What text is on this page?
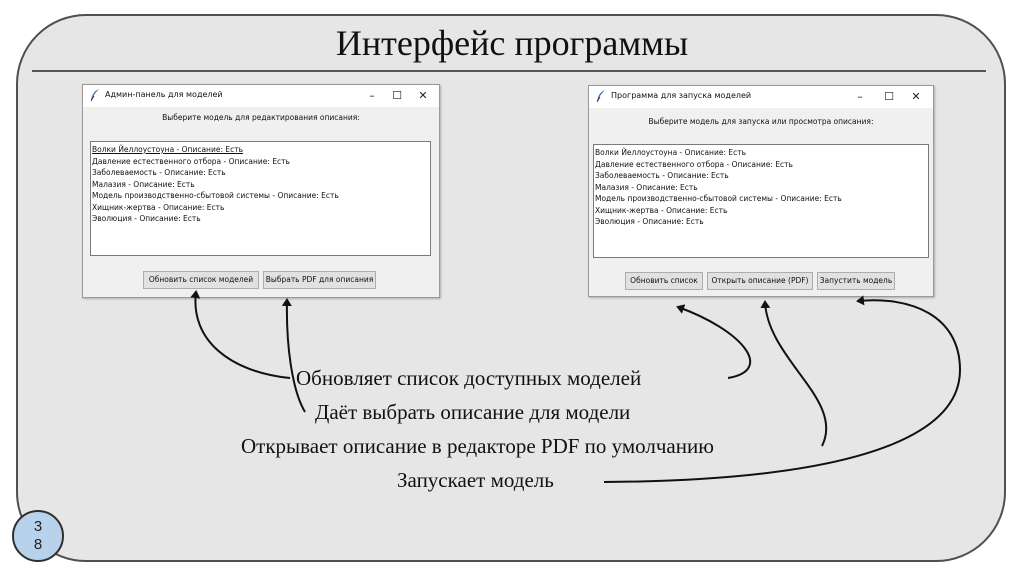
Интерфейс программы
Админ-панель для моделей	–	☐	✕
Выберите модель для редактирования описания:
Волки Йеллоустоуна - Описание: Есть
Давление естественного отбора - Описание: Есть
Заболеваемость - Описание: Есть
Малазия - Описание: Есть
Модель производственно-сбытовой системы - Описание: Есть
Хищник-жертва - Описание: Есть
Эволюция - Описание: Есть
Обновить список моделей	Выбрать PDF для описания
Программа для запуска моделей	–	☐	✕
Выберите модель для запуска или просмотра описания:
Волки Йеллоустоуна - Описание: Есть
Давление естественного отбора - Описание: Есть
Заболеваемость - Описание: Есть
Малазия - Описание: Есть
Модель производственно-сбытовой системы - Описание: Есть
Хищник-жертва - Описание: Есть
Эволюция - Описание: Есть
Обновить список	Открыть описание (PDF)	Запустить модель
Обновляет список доступных моделей
Даёт выбрать описание для модели
Открывает описание в редакторе PDF по умолчанию
Запускает модель
3
8
